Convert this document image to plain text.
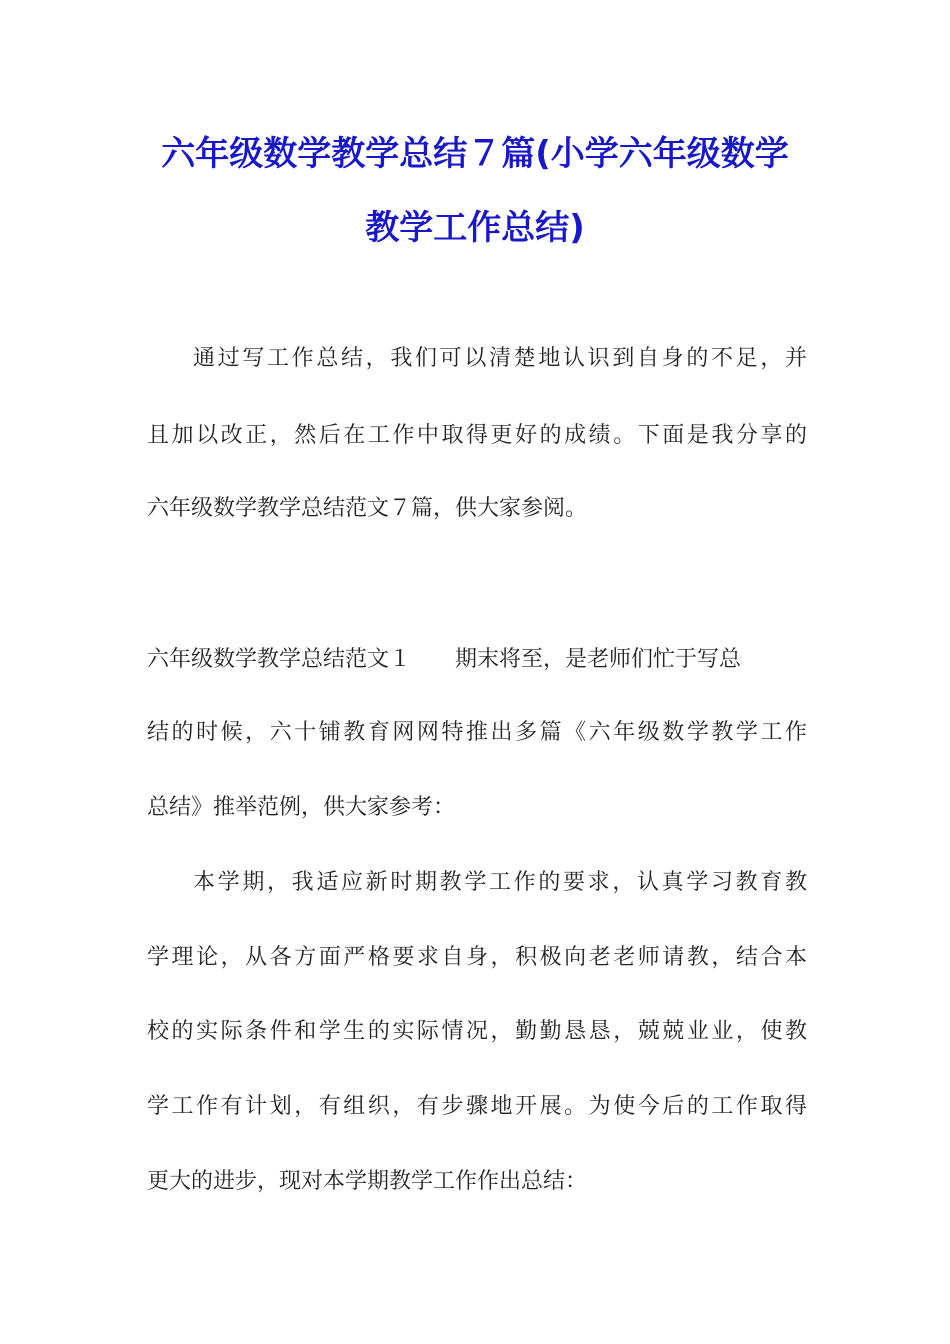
六年级数学教学总结７篇(小学六年级数学
教学工作总结)
通过写工作总结，我们可以清楚地认识到自身的不足，并
且加以改正，然后在工作中取得更好的成绩。下面是我分享的
六年级数学教学总结范文７篇，供大家参阅。
六年级数学教学总结范文１ 期末将至，是老师们忙于写总
结的时候，六十铺教育网网特推出多篇《六年级数学教学工作
总结》推举范例，供大家参考：
本学期，我适应新时期教学工作的要求，认真学习教育教
学理论，从各方面严格要求自身，积极向老老师请教，结合本
校的实际条件和学生的实际情况，勤勤恳恳，兢兢业业，使教
学工作有计划，有组织，有步骤地开展。为使今后的工作取得
更大的进步，现对本学期教学工作作出总结：
